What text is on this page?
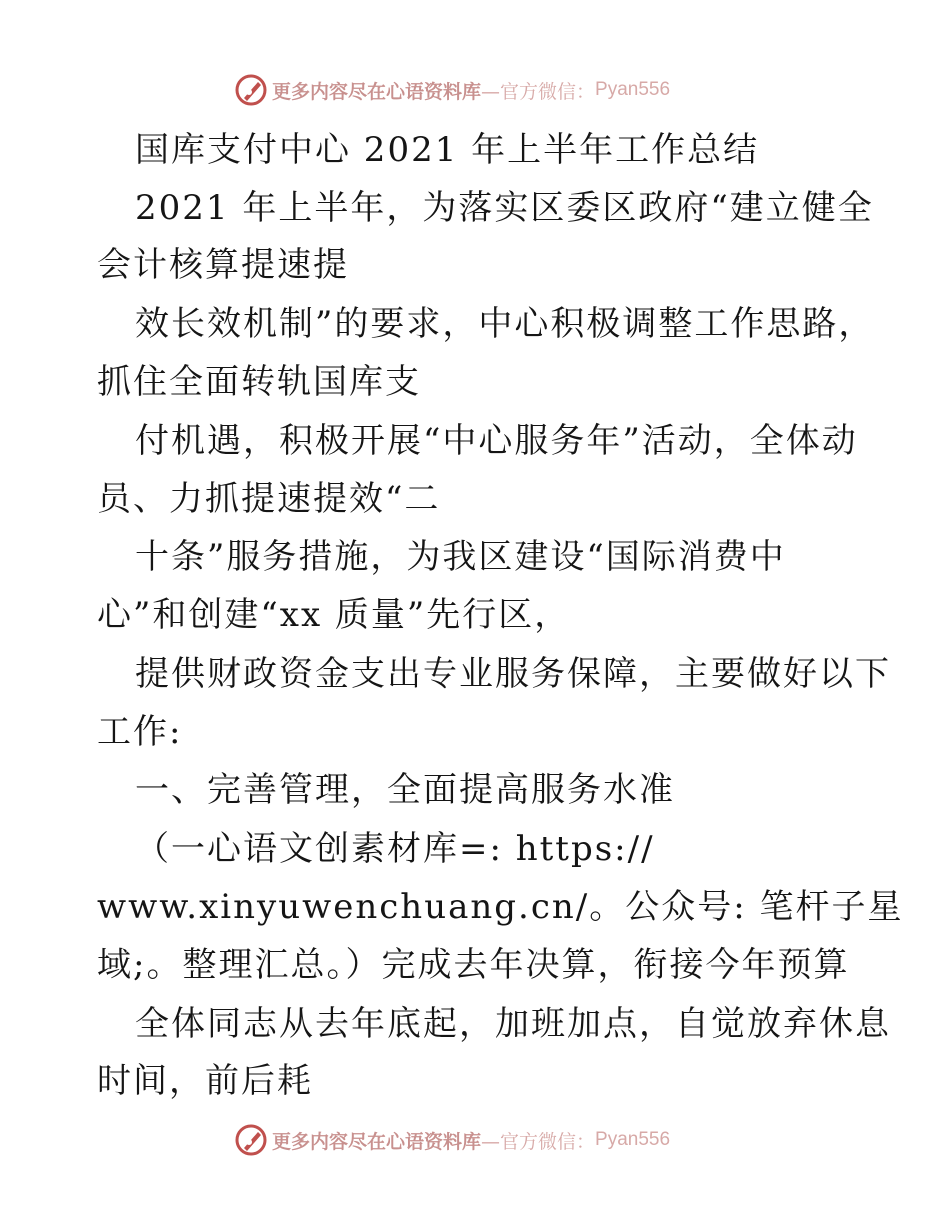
更多内容尽在心语资料库 —官方微信： Pyan556
国库支付中心 2021 年上半年工作总结
2021 年上半年，为落实区委区政府“建立健全
会计核算提速提
效长效机制”的要求，中心积极调整工作思路，
抓住全面转轨国库支
付机遇，积极开展“中心服务年”活动，全体动
员、力抓提速提效“二
十条”服务措施，为我区建设“国际消费中
心”和创建“xx 质量”先行区，
提供财政资金支出专业服务保障，主要做好以下
工作:
一、完善管理，全面提高服务水准
（一心语文创素材库=: https://
www.xinyuwenchuang.cn/。公众号: 笔杆子星
域;。整理汇总。）完成去年决算，衔接今年预算
全体同志从去年底起，加班加点，自觉放弃休息
时间，前后耗
更多内容尽在心语资料库 —官方微信： Pyan556
